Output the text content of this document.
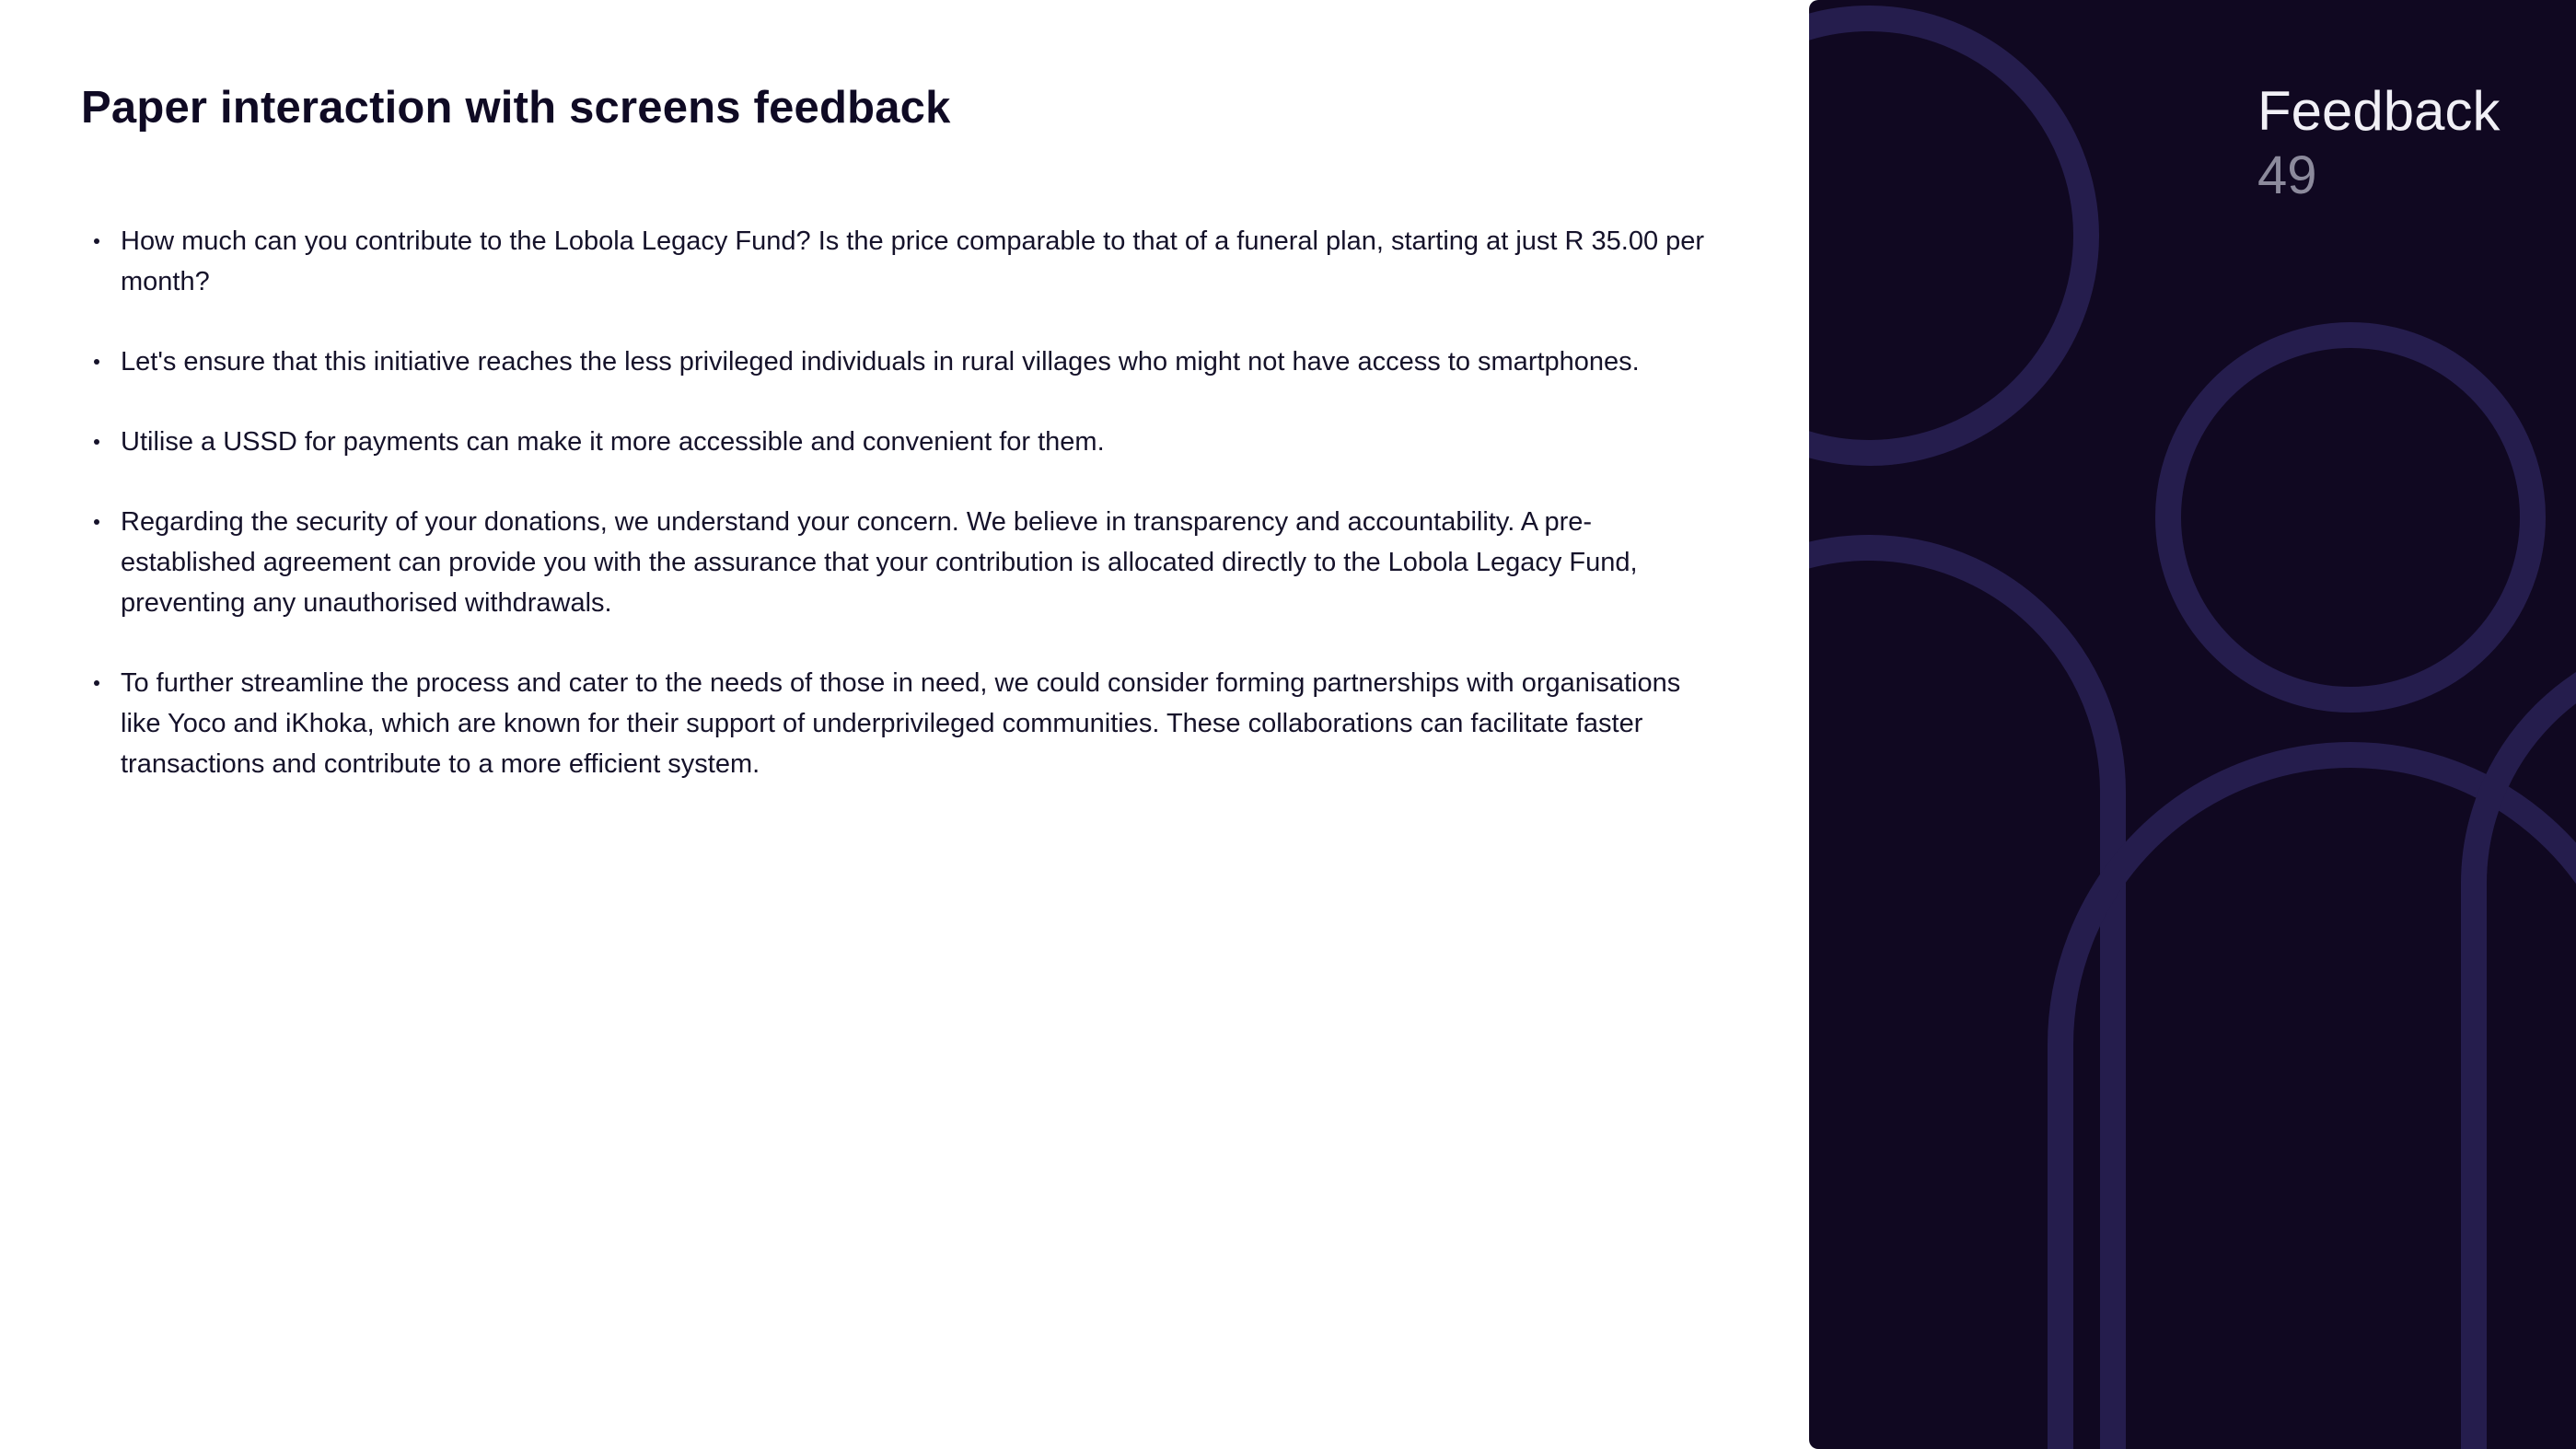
Paper interaction with screens feedback
How much can you contribute to the Lobola Legacy Fund? Is the price comparable to that of a funeral plan, starting at just R 35.00 per month?
Let's ensure that this initiative reaches the less privileged individuals in rural villages who might not have access to smartphones.
Utilise a USSD for payments can make it more accessible and convenient for them.
Regarding the security of your donations, we understand your concern. We believe in transparency and accountability. A pre-established agreement can provide you with the assurance that your contribution is allocated directly to the Lobola Legacy Fund, preventing any unauthorised withdrawals.
To further streamline the process and cater to the needs of those in need, we could consider forming partnerships with organisations like Yoco and iKhoka, which are known for their support of underprivileged communities. These collaborations can facilitate faster transactions and contribute to a more efficient system.

Feedback

49
